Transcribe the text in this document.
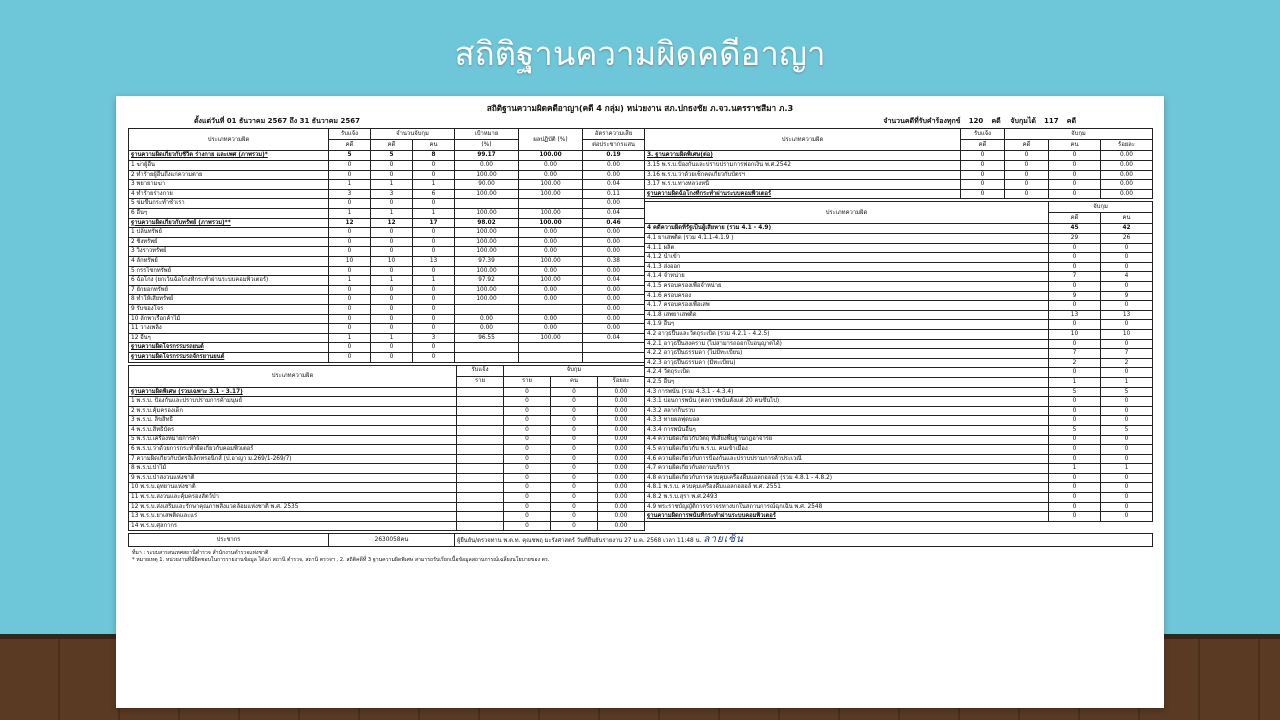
สถิติฐานความผิดคดีอาญา
สถิติฐานความผิดคดีอาญา(คดี 4 กลุ่ม) หน่วยงาน สภ.ปกธงชัย ภ.จว.นครราชสีมา ภ.3
ตั้งแต่วันที่ 01 ธันวาคม 2567 ถึง 31 ธันวาคม 2567	จำนวนคดีที่รับคำร้องทุกข์ 120 คดี จับกุมได้ 117 คดี
ประเภทความผิด	รับแจ้ง	จำนวนจับกุม		เป้าหมาย	ผลปฏิบัติ (%)	อัตราความเสีย
	คดี	คดี	คน	(%)		ต่อประชากรแสน
ฐานความผิดเกี่ยวกับชีวิต ร่างกาย และเพศ (ภาพรวม)*	5	5	8	99.17	100.00	0.19
1 ฆ่าผู้อื่น	0	0	0	0.00	0.00	0.00
2 ทำร้ายผู้อื่นถึงแก่ความตาย	0	0	0	100.00	0.00	0.00
3 พยายามฆ่า	1	1	1	90.00	100.00	0.04
4 ทำร้ายร่างกาย	3	3	6	100.00	100.00	0.11
5 ข่มขืนกระทำชำเรา	0	0	0			0.00
6 อื่นๆ	1	1	1	100.00	100.00	0.04
ฐานความผิดเกี่ยวกับทรัพย์ (ภาพรวม)**	12	12	17	98.02	100.00	0.46
1 ปล้นทรัพย์	0	0	0	100.00	0.00	0.00
2 ชิงทรัพย์	0	0	0	100.00	0.00	0.00
3 วิ่งราวทรัพย์	0	0	0	100.00	0.00	0.00
4 ลักทรัพย์	10	10	13	97.39	100.00	0.38
5 กรรโชกทรัพย์	0	0	0	100.00	0.00	0.00
6 ฉ้อโกง (ยกเว้นฉ้อโกงที่กระทำผ่านระบบคอมพิวเตอร์)	1	1	1	97.92	100.00	0.04
7 ยักยอกทรัพย์	0	0	0	100.00	0.00	0.00
8 ทำให้เสียทรัพย์	0	0	0	100.00	0.00	0.00
9 รับของโจร	0	0	0			0.00
10 ลักพาเรือกค้าไม้	0	0	0	0.00	0.00	0.00
11 วางเพลิง	0	0	0	0.00	0.00	0.00
12 อื่นๆ	1	1	3	96.55	100.00	0.04
ฐานความผิดโจรกรรมรถยนต์	0	0	0			
ฐานความผิดโจรกรรมรถจักรยานยนต์	0	0	0			
ประเภทความผิด	รับแจ้ง	จับกุม		
	ราย	ราย	คน	ร้อยละ
ฐานความผิดพิเศษ (รวมเฉพาะ 3.1 - 3.17)		0	0	0.00
1 พ.ร.บ. ป้องกันและปราบปรามการค้ามนุษย์		0	0	0.00
2 พ.ร.บ.คุ้มครองเด็ก		0	0	0.00
3 พ.ร.บ. ลิขสิทธิ์		0	0	0.00
4 พ.ร.บ.สิทธิบัตร		0	0	0.00
5 พ.ร.บ.เครื่องหมายการค้า		0	0	0.00
6 พ.ร.บ.ว่าด้วยการกระทำผิดเกี่ยวกับคอมพิวเตอร์		0	0	0.00
7 ความผิดเกี่ยวกับบัตรอิเล็กทรอนิกส์ (ป.อาญา ม.269/1-269/7)		0	0	0.00
8 พ.ร.บ.ป่าไม้		0	0	0.00
9 พ.ร.บ.ป่าสงวนแห่งชาติ		0	0	0.00
10 พ.ร.บ.อุทยานแห่งชาติ		0	0	0.00
11 พ.ร.บ.สงวนและคุ้มครองสัตว์ป่า		0	0	0.00
12 พ.ร.บ.ส่งเสริมและรักษาคุณภาพสิ่งแวดล้อมแห่งชาติ พ.ศ. 2535		0	0	0.00
13 พ.ร.บ.ยาเสพติดและแร่		0	0	0.00
14 พ.ร.บ.ศุลกากร		0	0	0.00
ประเภทความผิด	รับแจ้ง	จับกุม		
	คดี	คดี	คน	ร้อยละ
3. ฐานความผิดพิเศษ(ต่อ)	0	0	0	0.00
3.15 พ.ร.บ.ป้องกันและปราบปรามการฟอกเงิน พ.ศ.2542	0	0	0	0.00
3.16 พ.ร.บ.ว่าด้วยเช็กคดเกี่ยวกับบัตรฯ	0	0	0	0.00
3.17 พ.ร.บ.ทางหลวงหนี้	0	0	0	0.00
ฐานความผิดฉ้อโกงที่กระทำผ่านระบบคอมพิวเตอร์	0	0	0	0.00
ประเภทความผิด	จับกุม	
	คดี	คน
4 คดีความผิดที่รัฐเป็นผู้เสียหาย (รวม 4.1 - 4.9)	45	42
4.1 ยาเสพติด (รวม 4.1.1-4.1.9 )	29	26
4.1.1 ผลิต	0	0
4.1.2 นำเข้า	0	0
4.1.3 ส่งออก	0	0
4.1.4 จำหน่าย	7	4
4.1.5 ครอบครองเพื่อจำหน่าย	0	0
4.1.6 ครอบครอง	9	9
4.1.7 ครอบครองเพื่อเสพ	0	0
4.1.8 เสพยาเสพติด	13	13
4.1.9 อื่นๆ	0	0
4.2 อาวุธปืนและวัตถุระเบิด (รวม 4.2.1 - 4.2.5)	10	10
4.2.1 อาวุธปืนสงคราม (ไม่สามารถออกใบอนุญาตได้)	0	0
4.2.2 อาวุธปืนธรรมดา (ไม่มีทะเบียน)	7	7
4.2.3 อาวุธปืนธรรมดา (มีทะเบียน)	2	2
4.2.4 วัตถุระเบิด	0	0
4.2.5 อื่นๆ	1	1
4.3 การพนัน (รวม 4.3.1 - 4.3.4)	5	5
4.3.1 บ่อนการพนัน (ตลการพนันตั้งแต่ 20 คนขึ้นไป)	0	0
4.3.2 สลากกินรวบ	0	0
4.3.3 ทายผลฟุตบอล	0	0
4.3.4 การพนันอื่นๆ	5	5
4.4 ความผิดเกี่ยวกับวัตถุ ที่เสี่ยงพื้นฐานกฎอาจารย	0	0
4.5 ความผิดเกี่ยวกับ พ.ร.บ. คนเข้าเมือง	0	0
4.6 ความผิดเกี่ยวกับการป้องกันและปราบปรามการค้าประเวณี	0	0
4.7 ความผิดเกี่ยวกับสถานบริการ	1	1
4.8 ความผิดเกี่ยวกับการควบคุมเครื่องดื่มแอลกอฮอล์ (รวม 4.8.1 - 4.8.2)	0	0
4.8.1 พ.ร.บ. ควบคุมเครื่องดื่มแอลกอฮอล์ พ.ศ. 2551	0	0
4.8.2 พ.ร.บ.สุรา พ.ศ.2493	0	0
4.9 พระราชบัญญัติการจราจรทางบกในสถานการณ์ฉุกเฉิน พ.ศ. 2548	0	0
ฐานความผิดการพนันที่กระทำผ่านระบบคอมพิวเตอร์	0	0
ประชากร	2630058คน	ผู้ยืนยัน/ตรวจทาน พ.ต.ท. คุณชพฤ มะรังศาสตร์ วันที่ยืนยันรายงาน 27 ม.ค. 2568 เวลา 11:48 น. ลายเซ็น
ที่มา : ระบบสารสนเทศสถานีตำรวจ สำนักงานตำรวจแห่งชาติ
* หมายเหตุ 1. หน่วยงานที่มีผิดชอบในการรายงานข้อมูล ได้แก่ สถานี ตำรวจ, สถานี ตรวจฯ , 2. สถิติคดีที่ 3 ฐานความผิดพิเศษ สามารถรับเรียกเนื้อข้อมูลสถานการณ์เฉลี่ยงนโยบายของ ตร.
